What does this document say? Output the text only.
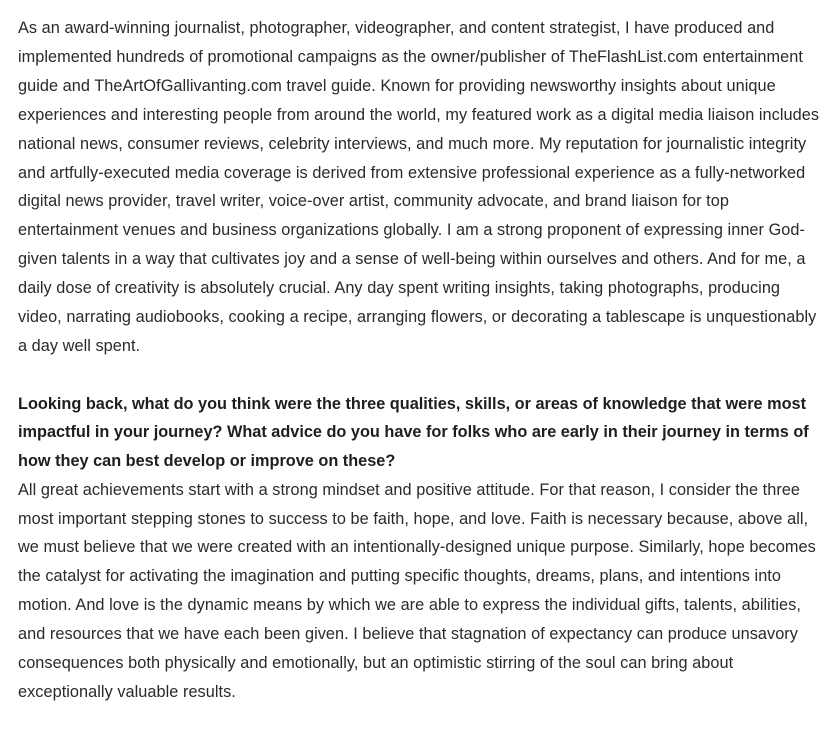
As an award-winning journalist, photographer, videographer, and content strategist, I have produced and implemented hundreds of promotional campaigns as the owner/publisher of TheFlashList.com entertainment guide and TheArtOfGallivanting.com travel guide. Known for providing newsworthy insights about unique experiences and interesting people from around the world, my featured work as a digital media liaison includes national news, consumer reviews, celebrity interviews, and much more. My reputation for journalistic integrity and artfully-executed media coverage is derived from extensive professional experience as a fully-networked digital news provider, travel writer, voice-over artist, community advocate, and brand liaison for top entertainment venues and business organizations globally. I am a strong proponent of expressing inner God-given talents in a way that cultivates joy and a sense of well-being within ourselves and others. And for me, a daily dose of creativity is absolutely crucial. Any day spent writing insights, taking photographs, producing video, narrating audiobooks, cooking a recipe, arranging flowers, or decorating a tablescape is unquestionably a day well spent.

Looking back, what do you think were the three qualities, skills, or areas of knowledge that were most impactful in your journey? What advice do you have for folks who are early in their journey in terms of how they can best develop or improve on these?

All great achievements start with a strong mindset and positive attitude. For that reason, I consider the three most important stepping stones to success to be faith, hope, and love. Faith is necessary because, above all, we must believe that we were created with an intentionally-designed unique purpose. Similarly, hope becomes the catalyst for activating the imagination and putting specific thoughts, dreams, plans, and intentions into motion. And love is the dynamic means by which we are able to express the individual gifts, talents, abilities, and resources that we have each been given. I believe that stagnation of expectancy can produce unsavory consequences both physically and emotionally, but an optimistic stirring of the soul can bring about exceptionally valuable results.
